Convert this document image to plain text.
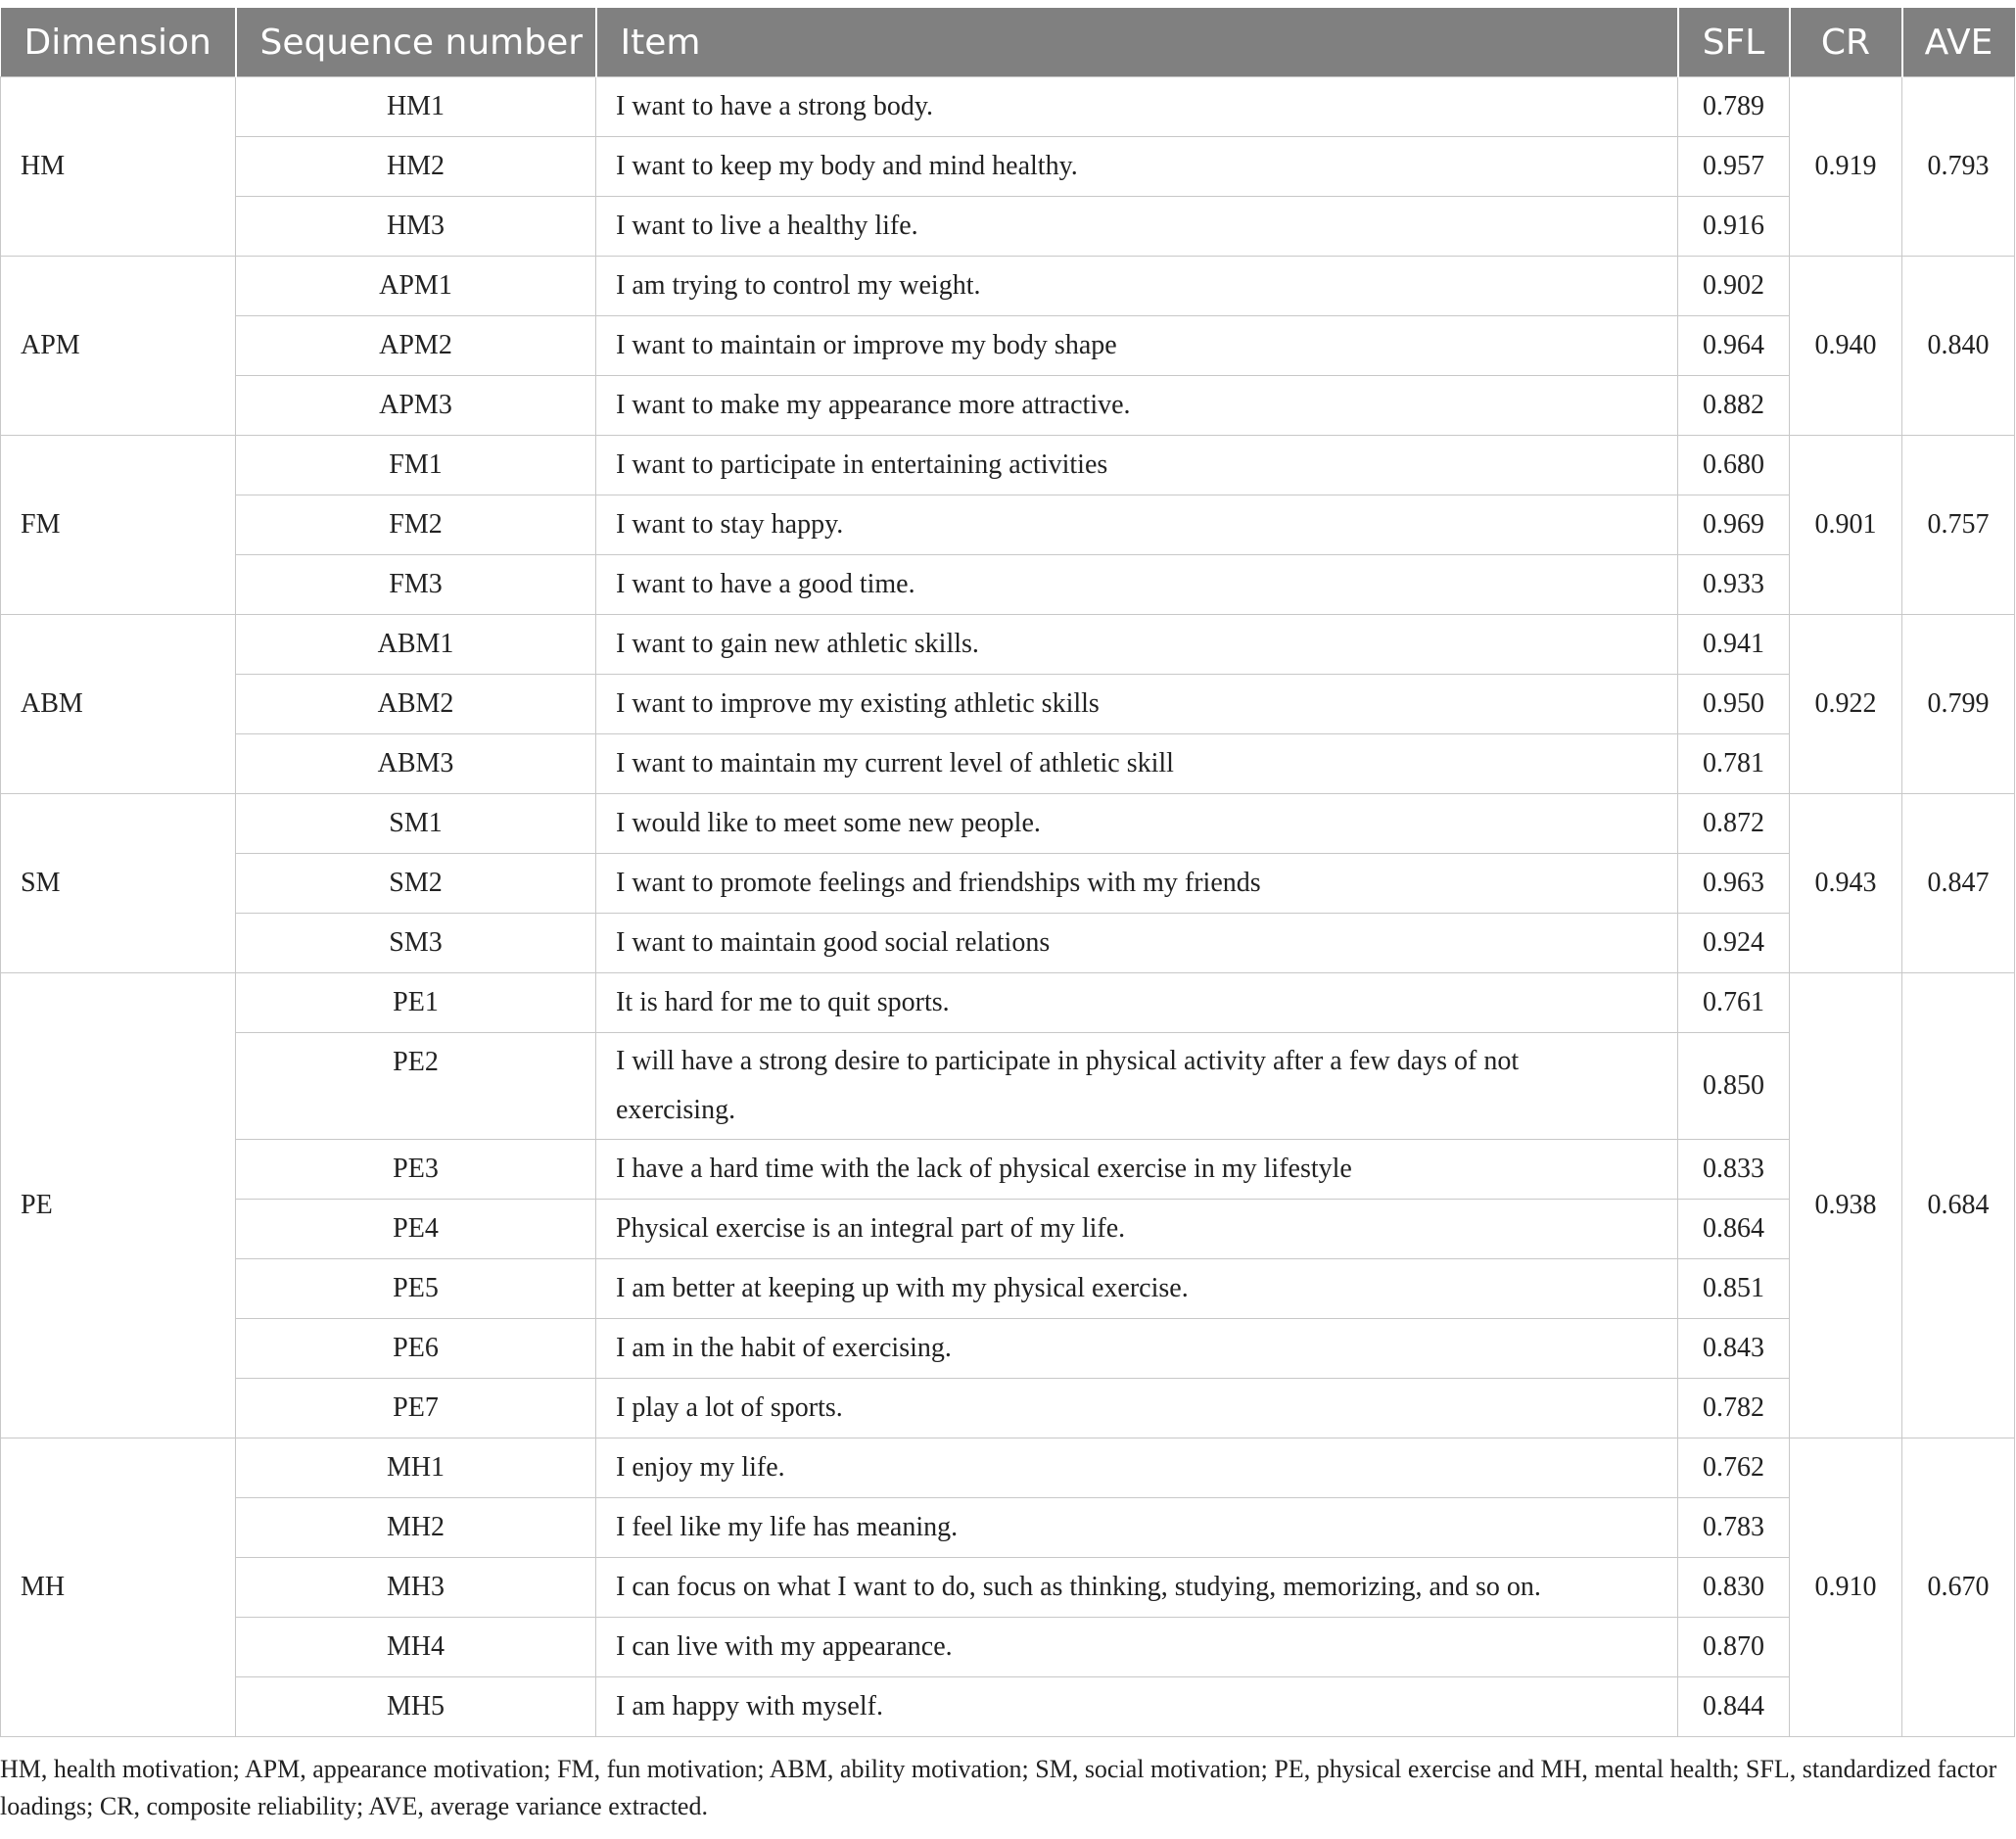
Dimension	Sequence number	Item	SFL	CR	AVE
HM	HM1	I want to have a strong body.	0.789	0.919	0.793
	HM2	I want to keep my body and mind healthy.	0.957		
	HM3	I want to live a healthy life.	0.916		
APM	APM1	I am trying to control my weight.	0.902	0.940	0.840
	APM2	I want to maintain or improve my body shape	0.964		
	APM3	I want to make my appearance more attractive.	0.882		
FM	FM1	I want to participate in entertaining activities	0.680	0.901	0.757
	FM2	I want to stay happy.	0.969		
	FM3	I want to have a good time.	0.933		
ABM	ABM1	I want to gain new athletic skills.	0.941	0.922	0.799
	ABM2	I want to improve my existing athletic skills	0.950		
	ABM3	I want to maintain my current level of athletic skill	0.781		
SM	SM1	I would like to meet some new people.	0.872	0.943	0.847
	SM2	I want to promote feelings and friendships with my friends	0.963		
	SM3	I want to maintain good social relations	0.924		
PE	PE1	It is hard for me to quit sports.	0.761	0.938	0.684
	PE2	I will have a strong desire to participate in physical activity after a few days of not exercising.	0.850		
	PE3	I have a hard time with the lack of physical exercise in my lifestyle	0.833		
	PE4	Physical exercise is an integral part of my life.	0.864		
	PE5	I am better at keeping up with my physical exercise.	0.851		
	PE6	I am in the habit of exercising.	0.843		
	PE7	I play a lot of sports.	0.782		
MH	MH1	I enjoy my life.	0.762	0.910	0.670
	MH2	I feel like my life has meaning.	0.783		
	MH3	I can focus on what I want to do, such as thinking, studying, memorizing, and so on.	0.830		
	MH4	I can live with my appearance.	0.870		
	MH5	I am happy with myself.	0.844		
HM, health motivation; APM, appearance motivation; FM, fun motivation; ABM, ability motivation; SM, social motivation; PE, physical exercise and MH, mental health; SFL, standardized factor loadings; CR, composite reliability; AVE, average variance extracted.
